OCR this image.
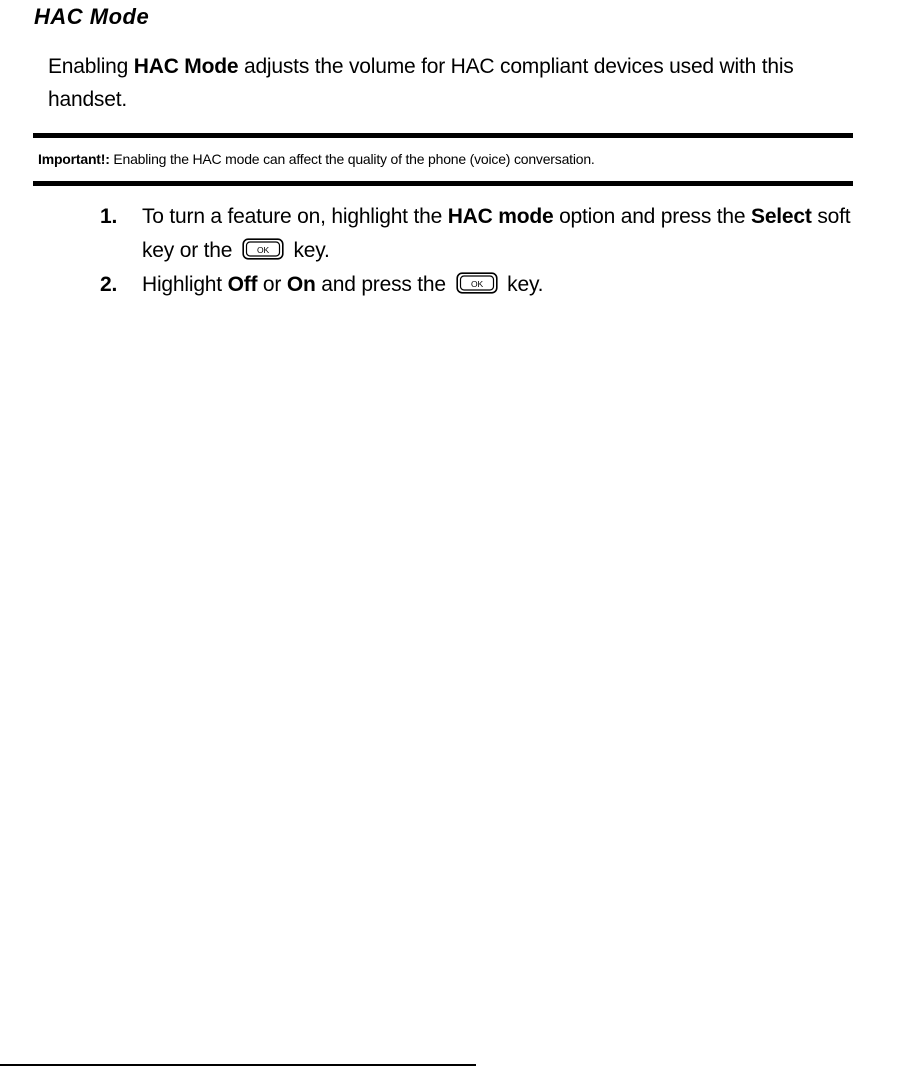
HAC Mode

Enabling HAC Mode adjusts the volume for HAC compliant devices used with this handset.

Important!: Enabling the HAC mode can affect the quality of the phone (voice) conversation.

1. To turn a feature on, highlight the HAC mode option and press the Select soft key or the OK key.
2. Highlight Off or On and press the OK key.
